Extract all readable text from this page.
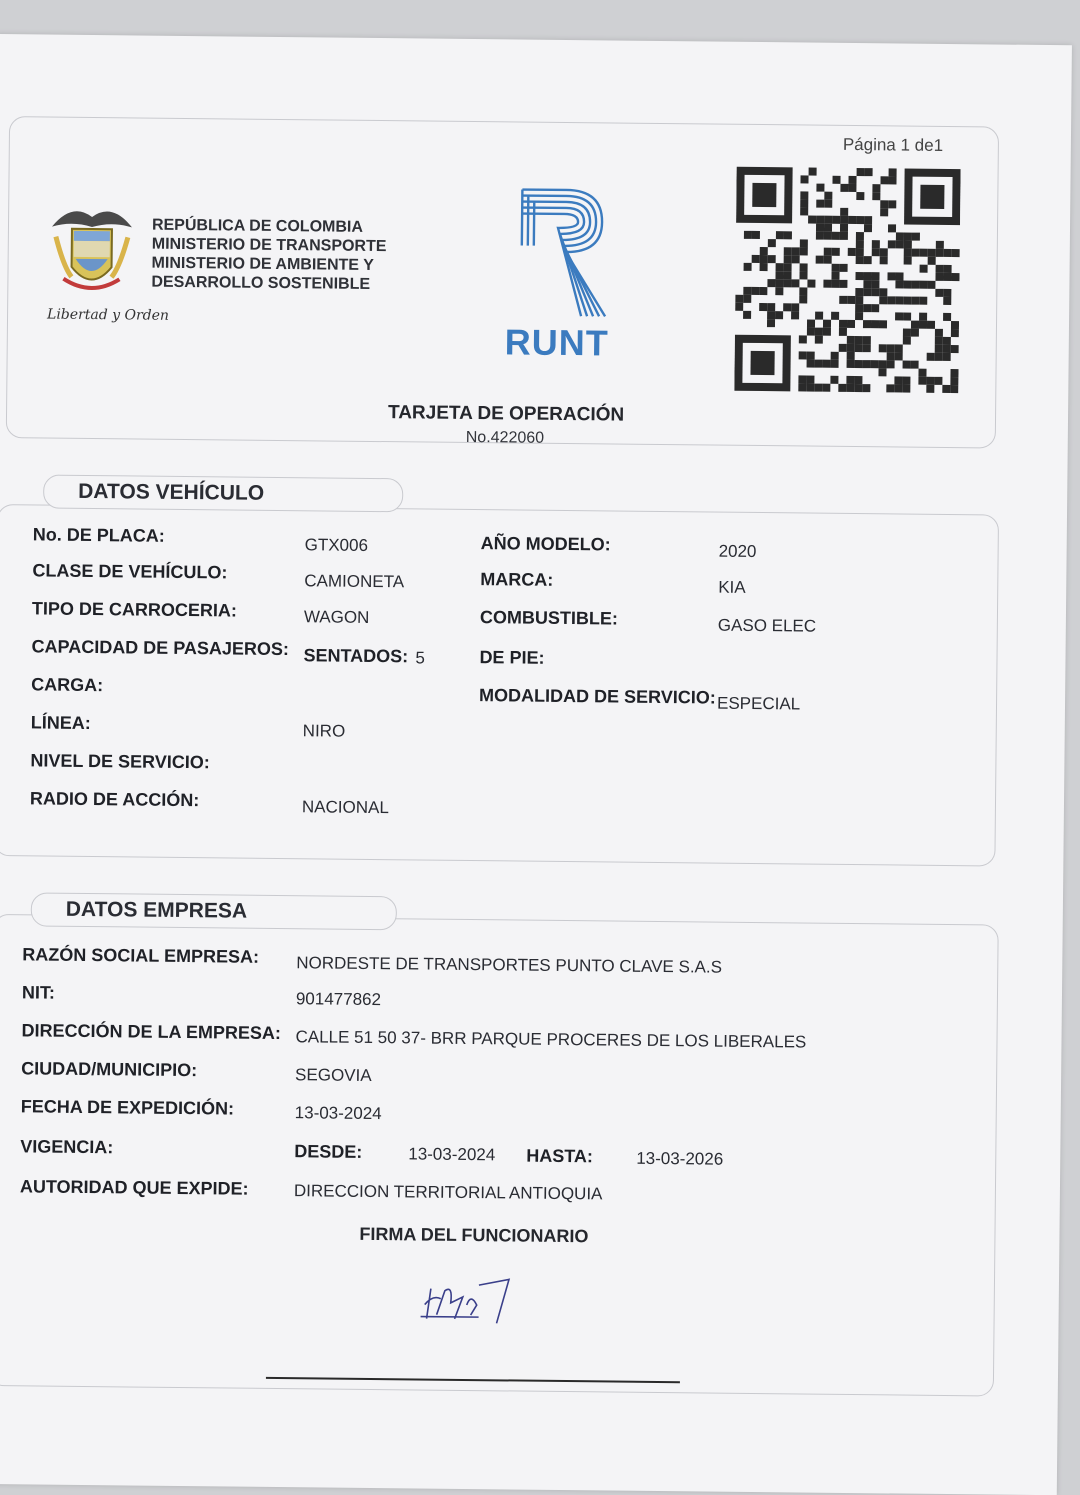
Página 1 de1
Libertad y Orden
REPÚBLICA DE COLOMBIA
MINISTERIO DE TRANSPORTE
MINISTERIO DE AMBIENTE Y
DESARROLLO SOSTENIBLE
RUNT
TARJETA DE OPERACIÓN
No.422060
DATOS VEHÍCULO
No. DE PLACA:	GTX006
CLASE DE VEHÍCULO:	CAMIONETA
TIPO DE CARROCERIA:	WAGON
CAPACIDAD DE PASAJEROS: SENTADOS: 5
CARGA:
LÍNEA:	NIRO
NIVEL DE SERVICIO:
RADIO DE ACCIÓN:	NACIONAL
AÑO MODELO:	2020
MARCA:	KIA
COMBUSTIBLE:	GASO ELEC
DE PIE:
MODALIDAD DE SERVICIO: ESPECIAL
DATOS EMPRESA
RAZÓN SOCIAL EMPRESA: NORDESTE DE TRANSPORTES PUNTO CLAVE S.A.S
NIT:	901477862
DIRECCIÓN DE LA EMPRESA: CALLE 51 50 37- BRR PARQUE PROCERES DE LOS LIBERALES
CIUDAD/MUNICIPIO:	SEGOVIA
FECHA DE EXPEDICIÓN:	13-03-2024
VIGENCIA:	DESDE:	13-03-2024 HASTA:	13-03-2026
AUTORIDAD QUE EXPIDE:	DIRECCION TERRITORIAL ANTIOQUIA
FIRMA DEL FUNCIONARIO
